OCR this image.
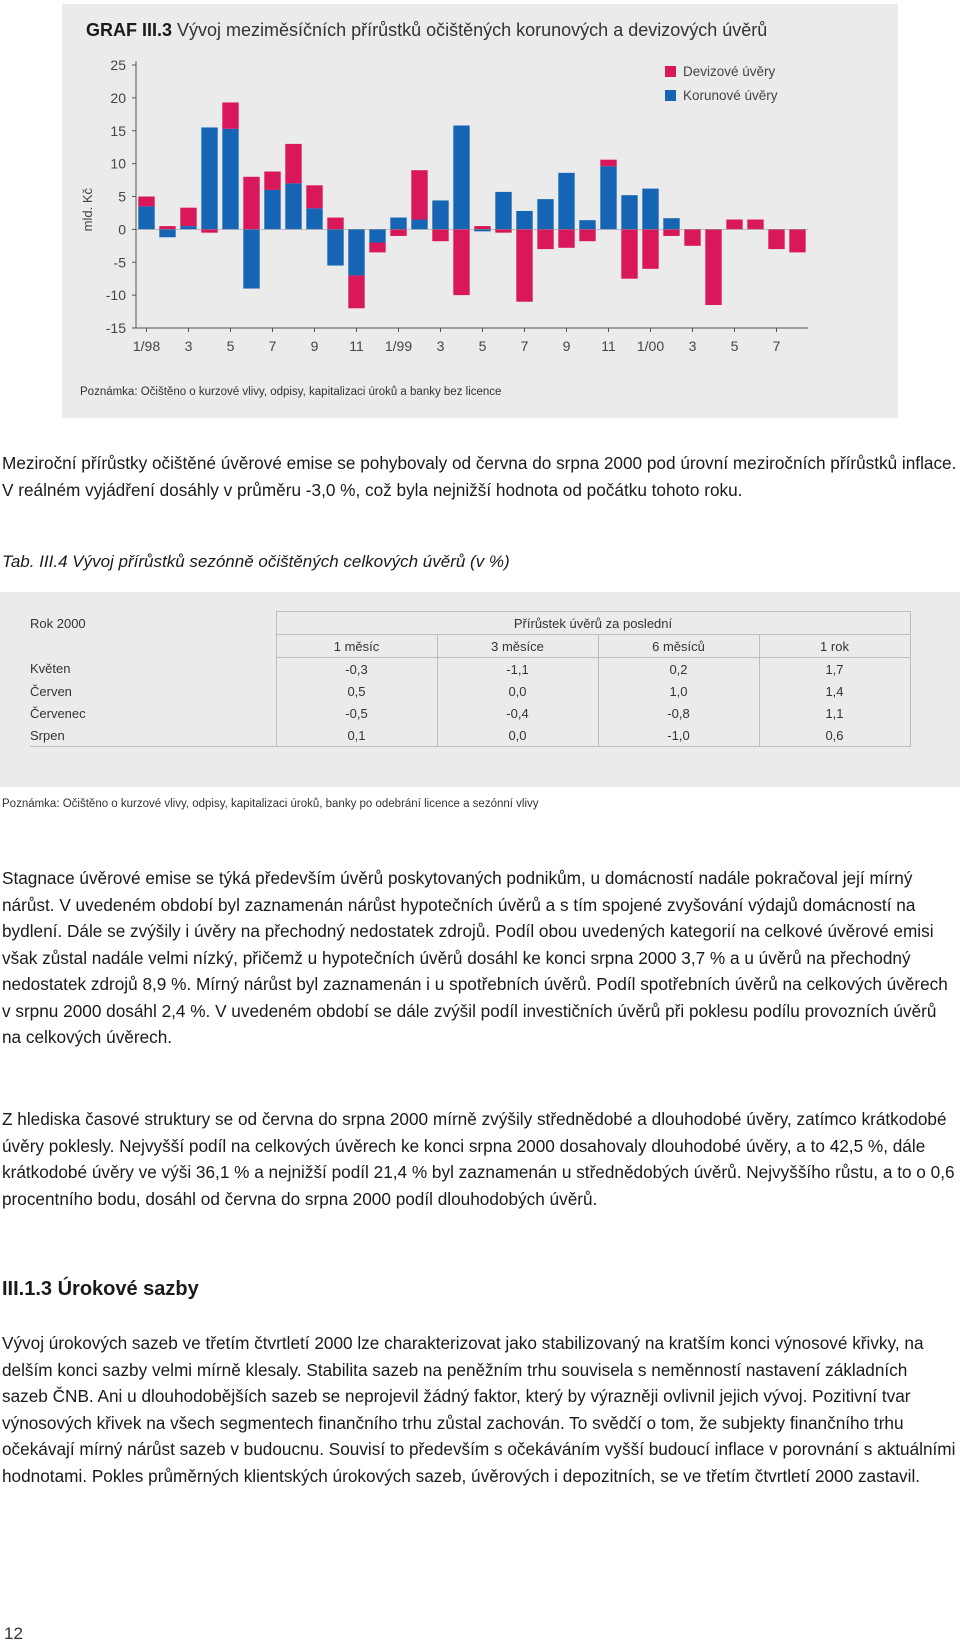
GRAF III.3 Vývoj meziměsíčních přírůstků očištěných korunových a devizových úvěrů
25
20
15
10
5
0
-5
-10
-15
mld. Kč
1/98 3 5 7 9 11 1/99 3 5 7 9 11 1/00 3 5 7
Devizové úvěry
Korunové úvěry
Poznámka: Očištěno o kurzové vlivy, odpisy, kapitalizaci úroků a banky bez licence

Meziroční přírůstky očištěné úvěrové emise se pohybovaly od června do srpna 2000 pod úrovní meziročních přírůstků inflace. V reálném vyjádření dosáhly v průměru -3,0 %, což byla nejnižší hodnota od počátku tohoto roku.

Tab. III.4 Vývoj přírůstků sezónně očištěných celkových úvěrů (v %)
Rok 2000	Přírůstek úvěrů za poslední			
	1 měsíc	3 měsíce	6 měsíců	1 rok
Květen	-0,3	-1,1	0,2	1,7
Červen	0,5	0,0	1,0	1,4
Červenec	-0,5	-0,4	-0,8	1,1
Srpen	0,1	0,0	-1,0	0,6
Poznámka: Očištěno o kurzové vlivy, odpisy, kapitalizaci úroků, banky po odebrání licence a sezónní vlivy

Stagnace úvěrové emise se týká především úvěrů poskytovaných podnikům, u domácností nadále pokračoval její mírný nárůst. V uvedeném období byl zaznamenán nárůst hypotečních úvěrů a s tím spojené zvyšování výdajů domácností na bydlení. Dále se zvýšily i úvěry na přechodný nedostatek zdrojů. Podíl obou uvedených kategorií na celkové úvěrové emisi však zůstal nadále velmi nízký, přičemž u hypotečních úvěrů dosáhl ke konci srpna 2000 3,7 % a u úvěrů na přechodný nedostatek zdrojů 8,9 %. Mírný nárůst byl zaznamenán i u spotřebních úvěrů. Podíl spotřebních úvěrů na celkových úvěrech v srpnu 2000 dosáhl 2,4 %. V uvedeném období se dále zvýšil podíl investičních úvěrů při poklesu podílu provozních úvěrů na celkových úvěrech.

Z hlediska časové struktury se od června do srpna 2000 mírně zvýšily střednědobé a dlouhodobé úvěry, zatímco krátkodobé úvěry poklesly. Nejvyšší podíl na celkových úvěrech ke konci srpna 2000 dosahovaly dlouhodobé úvěry, a to 42,5 %, dále krátkodobé úvěry ve výši 36,1 % a nejnižší podíl 21,4 % byl zaznamenán u střednědobých úvěrů. Nejvyššího růstu, a to o 0,6 procentního bodu, dosáhl od června do srpna 2000 podíl dlouhodobých úvěrů.

III.1.3 Úrokové sazby

Vývoj úrokových sazeb ve třetím čtvrtletí 2000 lze charakterizovat jako stabilizovaný na kratším konci výnosové křivky, na delším konci sazby velmi mírně klesaly. Stabilita sazeb na peněžním trhu souvisela s neměnností nastavení základních sazeb ČNB. Ani u dlouhodobějších sazeb se neprojevil žádný faktor, který by výrazněji ovlivnil jejich vývoj. Pozitivní tvar výnosových křivek na všech segmentech finančního trhu zůstal zachován. To svědčí o tom, že subjekty finančního trhu očekávají mírný nárůst sazeb v budoucnu. Souvisí to především s očekáváním vyšší budoucí inflace v porovnání s aktuálními hodnotami. Pokles průměrných klientských úrokových sazeb, úvěrových i depozitních, se ve třetím čtvrtletí 2000 zastavil.

12
